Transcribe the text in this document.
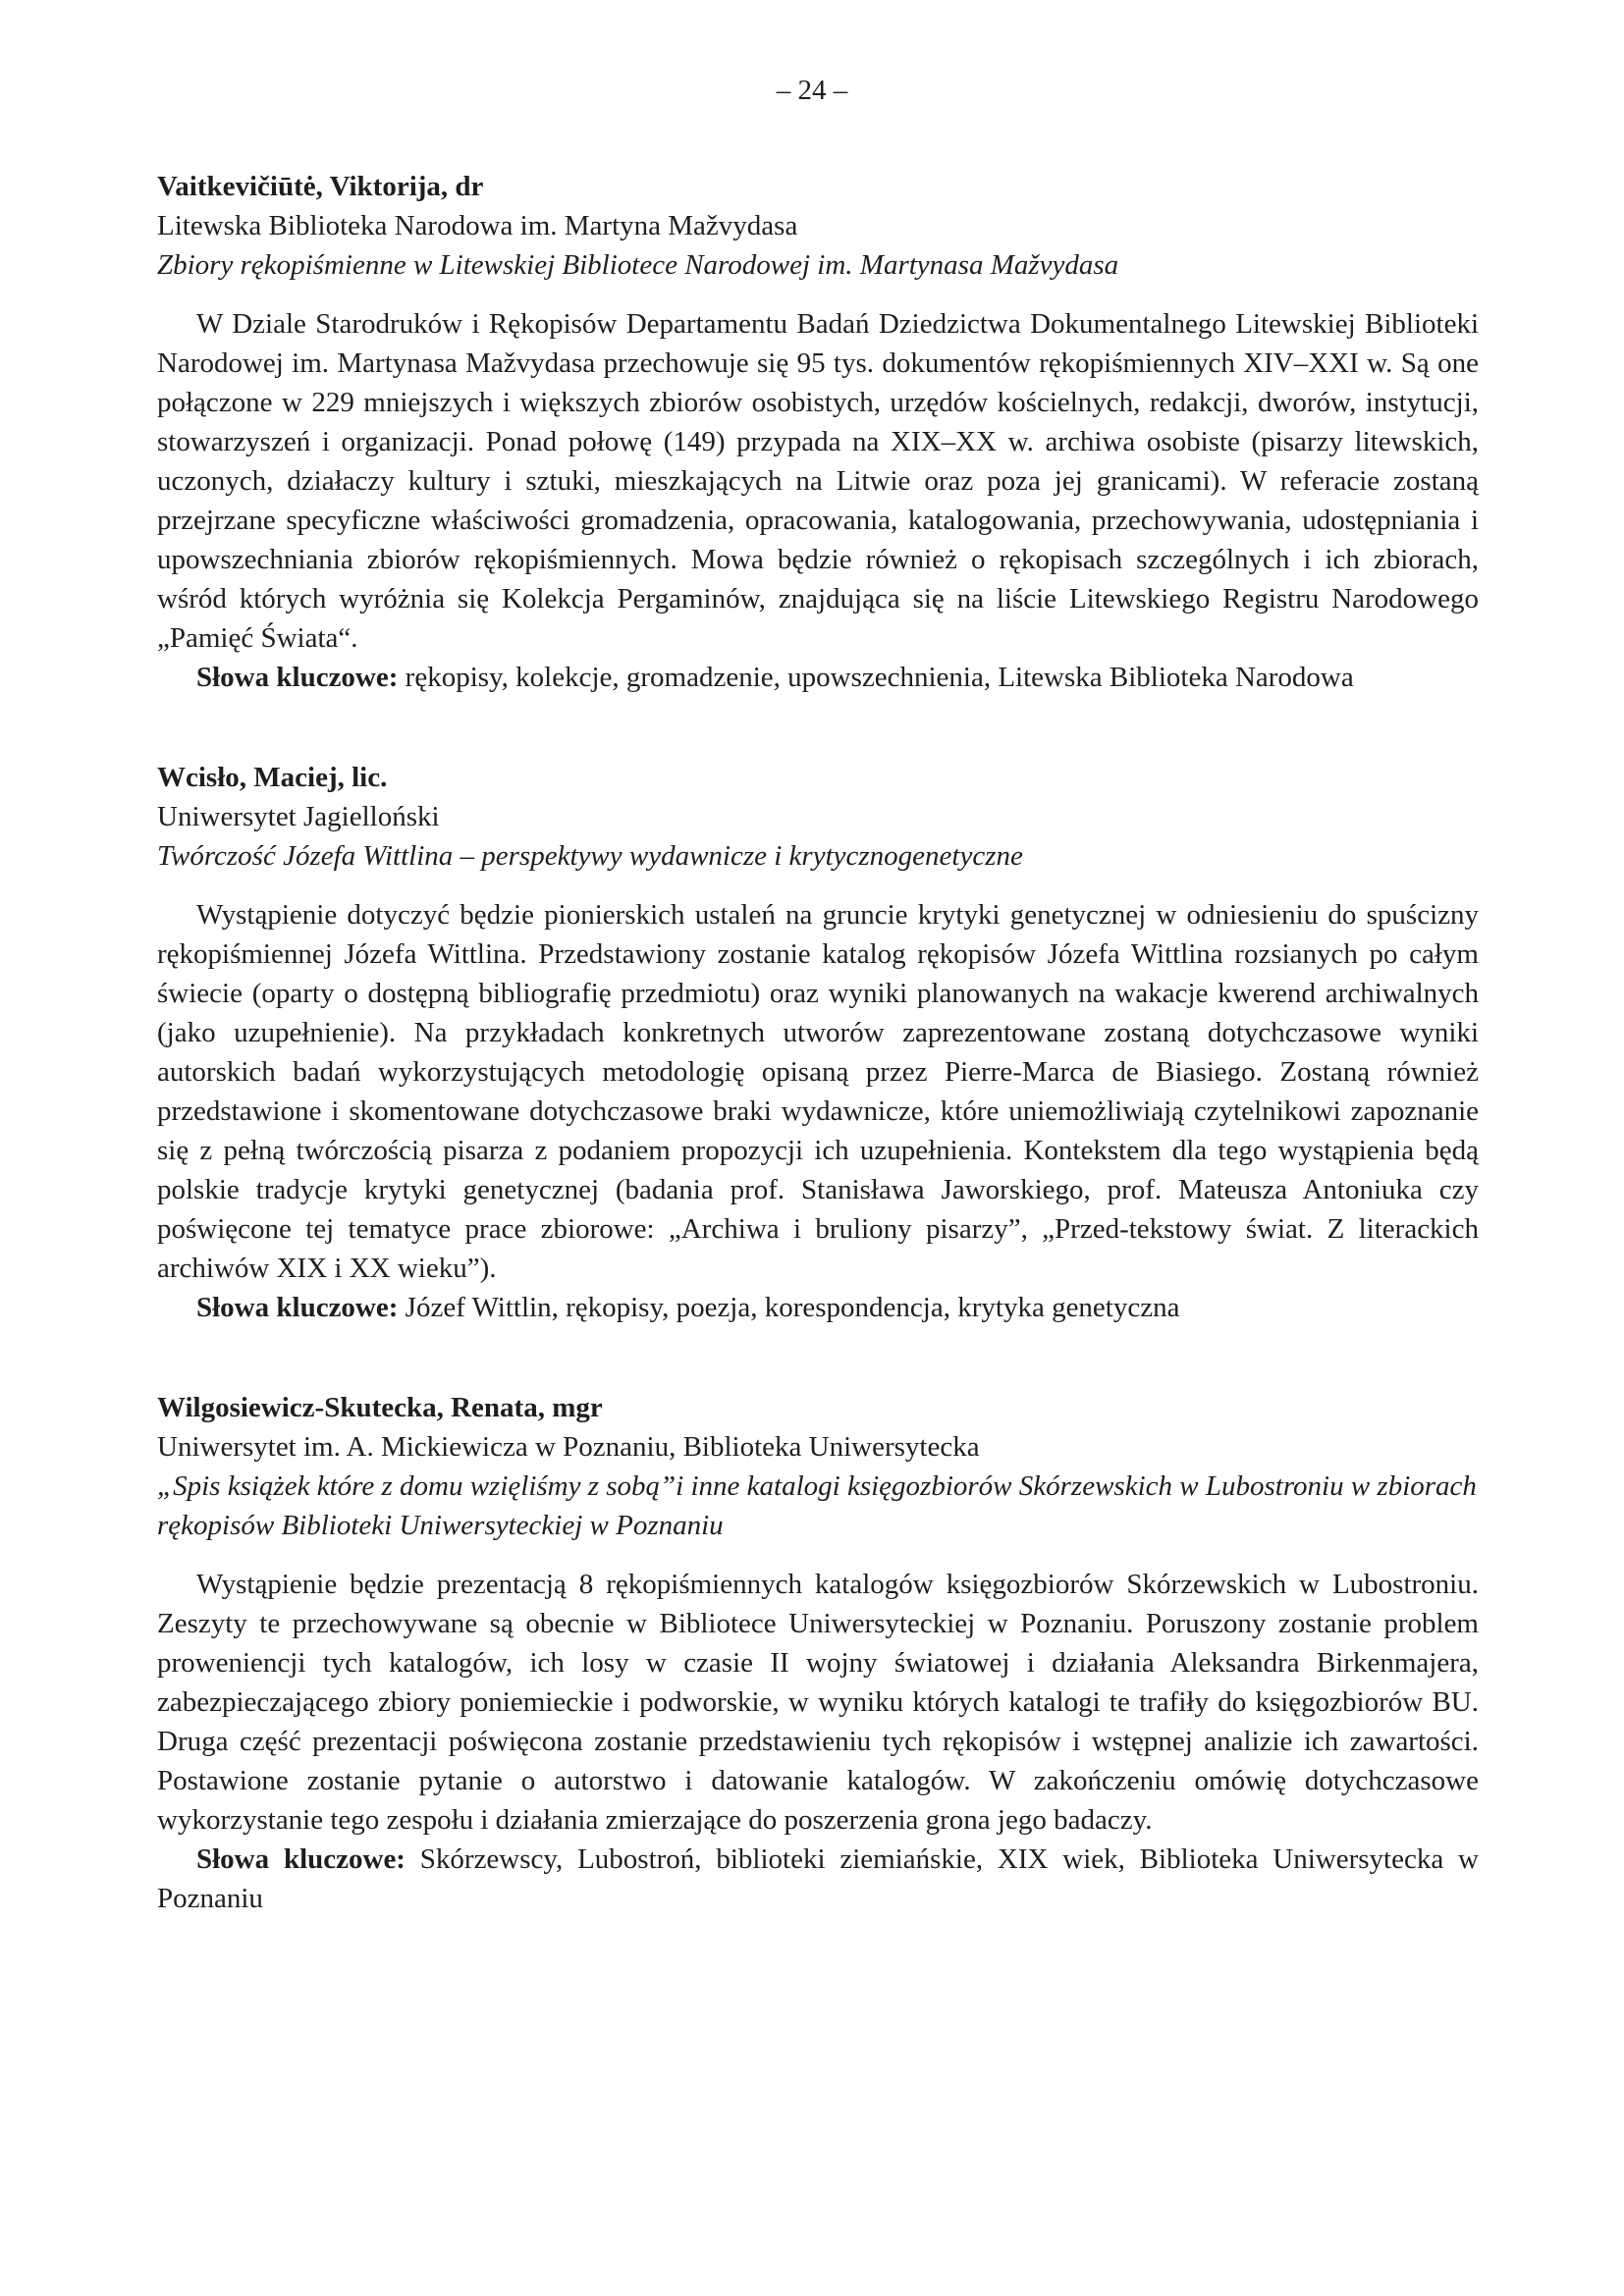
– 24 –
Vaitkevičiūtė, Viktorija, dr
Litewska Biblioteka Narodowa im. Martyna Mažvydasa
Zbiory rękopiśmienne w Litewskiej Bibliotece Narodowej im. Martynasa Mažvydasa
W Dziale Starodruków i Rękopisów Departamentu Badań Dziedzictwa Dokumentalnego Litewskiej Biblioteki Narodowej im. Martynasa Mažvydasa przechowuje się 95 tys. dokumentów rękopiśmiennych XIV–XXI w. Są one połączone w 229 mniejszych i większych zbiorów osobistych, urzędów kościelnych, redakcji, dworów, instytucji, stowarzyszeń i organizacji. Ponad połowę (149) przypada na XIX–XX w. archiwa osobiste (pisarzy litewskich, uczonych, działaczy kultury i sztuki, mieszkających na Litwie oraz poza jej granicami). W referacie zostaną przejrzane specyficzne właściwości gromadzenia, opracowania, katalogowania, przechowywania, udostępniania i upowszechniania zbiorów rękopiśmiennych. Mowa będzie również o rękopisach szczególnych i ich zbiorach, wśród których wyróżnia się Kolekcja Pergaminów, znajdująca się na liście Litewskiego Registru Narodowego „Pamięć Świata“.
Słowa kluczowe: rękopisy, kolekcje, gromadzenie, upowszechnienia, Litewska Biblioteka Narodowa
Wcisło, Maciej, lic.
Uniwersytet Jagielloński
Twórczość Józefa Wittlina – perspektywy wydawnicze i krytycznogenetyczne
Wystąpienie dotyczyć będzie pionierskich ustaleń na gruncie krytyki genetycznej w odniesieniu do spuścizny rękopiśmiennej Józefa Wittlina. Przedstawiony zostanie katalog rękopisów Józefa Wittlina rozsianych po całym świecie (oparty o dostępną bibliografię przedmiotu) oraz wyniki planowanych na wakacje kwerend archiwalnych (jako uzupełnienie). Na przykładach konkretnych utworów zaprezentowane zostaną dotychczasowe wyniki autorskich badań wykorzystujących metodologię opisaną przez Pierre-Marca de Biasiego. Zostaną również przedstawione i skomentowane dotychczasowe braki wydawnicze, które uniemożliwiają czytelnikowi zapoznanie się z pełną twórczością pisarza z podaniem propozycji ich uzupełnienia. Kontekstem dla tego wystąpienia będą polskie tradycje krytyki genetycznej (badania prof. Stanisława Jaworskiego, prof. Mateusza Antoniuka czy poświęcone tej tematyce prace zbiorowe: „Archiwa i bruliony pisarzy”, „Przed-tekstowy świat. Z literackich archiwów XIX i XX wieku”).
Słowa kluczowe: Józef Wittlin, rękopisy, poezja, korespondencja, krytyka genetyczna
Wilgosiewicz-Skutecka, Renata, mgr
Uniwersytet im. A. Mickiewicza w Poznaniu, Biblioteka Uniwersytecka
„Spis książek które z domu wzięliśmy z sobą”i inne katalogi księgozbiorów Skórzewskich w Lubostroniu w zbiorach rękopisów Biblioteki Uniwersyteckiej w Poznaniu
Wystąpienie będzie prezentacją 8 rękopiśmiennych katalogów księgozbiorów Skórzewskich w Lubostroniu. Zeszyty te przechowywane są obecnie w Bibliotece Uniwersyteckiej w Poznaniu. Poruszony zostanie problem prowenienсji tych katalogów, ich losy w czasie II wojny światowej i działania Aleksandra Birkenmajera, zabezpieczającego zbiory poniemieckie i podworskie, w wyniku których katalogi te trafiły do księgozbiorów BU. Druga część prezentacji poświęcona zostanie przedstawieniu tych rękopisów i wstępnej analizie ich zawartości. Postawione zostanie pytanie o autorstwo i datowanie katalogów. W zakończeniu omówię dotychczasowe wykorzystanie tego zespołu i działania zmierzające do poszerzenia grona jego badaczy.
Słowa kluczowe: Skórzewscy, Lubostroń, biblioteki ziemiańskie, XIX wiek, Biblioteka Uniwersytecka w Poznaniu
